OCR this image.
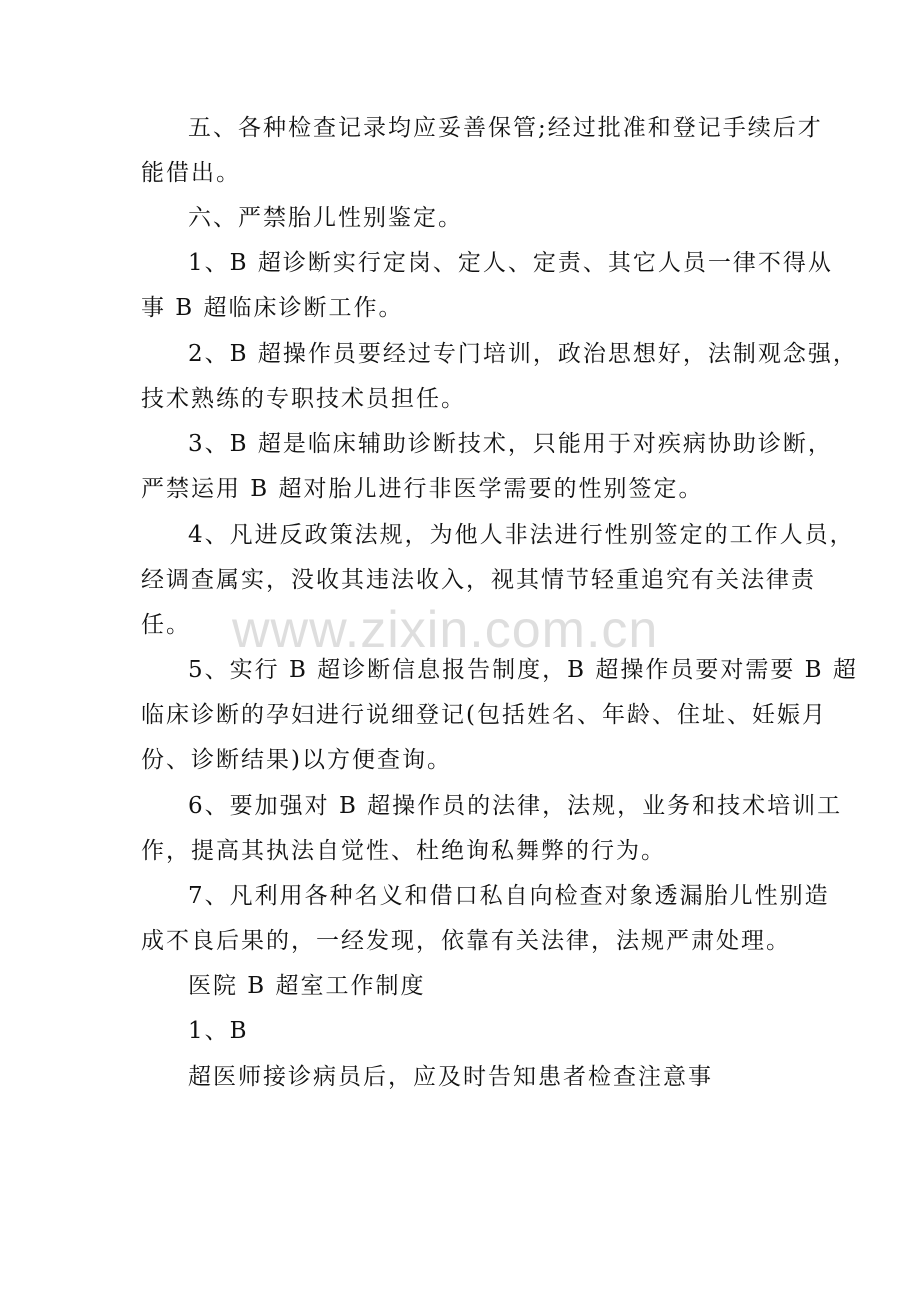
www.zixin.com.cn
五、各种检查记录均应妥善保管;经过批准和登记手续后才
能借出。
六、严禁胎儿性别鉴定。
1、B 超诊断实行定岗、定人、定责、其它人员一律不得从
事 B 超临床诊断工作。
2、B 超操作员要经过专门培训，政治思想好，法制观念强，
技术熟练的专职技术员担任。
3、B 超是临床辅助诊断技术，只能用于对疾病协助诊断，
严禁运用 B 超对胎儿进行非医学需要的性别签定。
4、凡进反政策法规，为他人非法进行性别签定的工作人员，
经调查属实，没收其违法收入，视其情节轻重追究有关法律责
任。
5、实行 B 超诊断信息报告制度，B 超操作员要对需要 B 超
临床诊断的孕妇进行说细登记(包括姓名、年龄、住址、妊娠月
份、诊断结果)以方便查询。
6、要加强对 B 超操作员的法律，法规，业务和技术培训工
作，提高其执法自觉性、杜绝询私舞弊的行为。
7、凡利用各种名义和借口私自向检查对象透漏胎儿性别造
成不良后果的，一经发现，依靠有关法律，法规严肃处理。
医院 B 超室工作制度
1、B
超医师接诊病员后，应及时告知患者检查注意事
